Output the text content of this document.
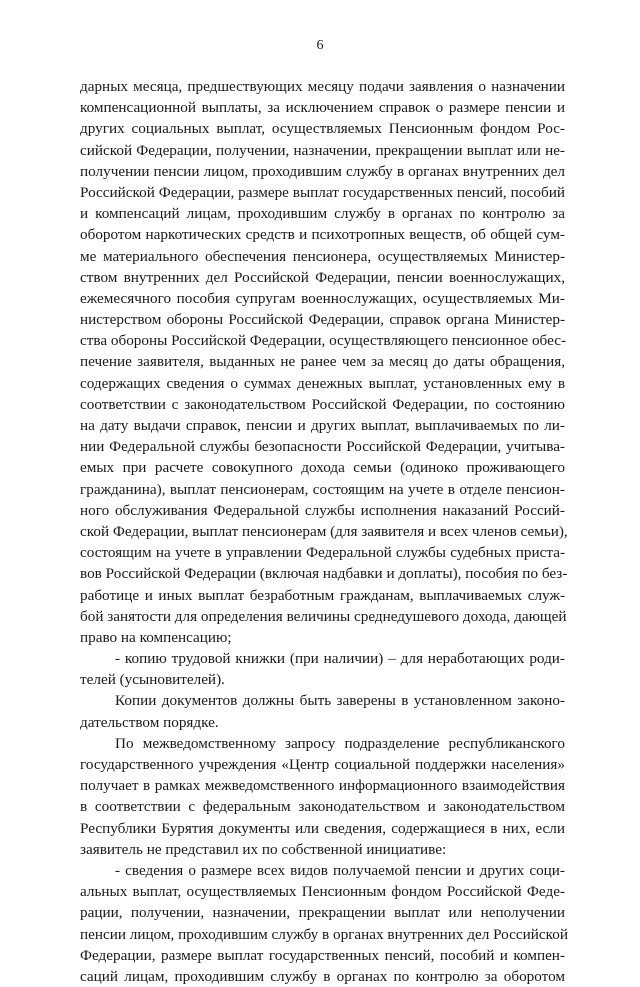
6
дарных месяца, предшествующих месяцу подачи заявления о назначении
компенсационной выплаты, за исключением справок о размере пенсии и
других социальных выплат, осуществляемых Пенсионным фондом Рос-
сийской Федерации, получении, назначении, прекращении выплат или не-
получении пенсии лицом, проходившим службу в органах внутренних дел
Российской Федерации, размере выплат государственных пенсий, пособий
и компенсаций лицам, проходившим службу в органах по контролю за
оборотом наркотических средств и психотропных веществ, об общей сум-
ме материального обеспечения пенсионера, осуществляемых Министер-
ством внутренних дел Российской Федерации, пенсии военнослужащих,
ежемесячного пособия супругам военнослужащих, осуществляемых Ми-
нистерством обороны Российской Федерации, справок органа Министер-
ства обороны Российской Федерации, осуществляющего пенсионное обес-
печение заявителя, выданных не ранее чем за месяц до даты обращения,
содержащих сведения о суммах денежных выплат, установленных ему в
соответствии с законодательством Российской Федерации, по состоянию
на дату выдачи справок, пенсии и других выплат, выплачиваемых по ли-
нии Федеральной службы безопасности Российской Федерации, учитыва-
емых при расчете совокупного дохода семьи (одиноко проживающего
гражданина), выплат пенсионерам, состоящим на учете в отделе пенсион-
ного обслуживания Федеральной службы исполнения наказаний Россий-
ской Федерации, выплат пенсионерам (для заявителя и всех членов семьи),
состоящим на учете в управлении Федеральной службы судебных приста-
вов Российской Федерации (включая надбавки и доплаты), пособия по без-
работице и иных выплат безработным гражданам, выплачиваемых служ-
бой занятости для определения величины среднедушевого дохода, дающей
право на компенсацию;
- копию трудовой книжки (при наличии) – для неработающих роди-
телей (усыновителей).
Копии документов должны быть заверены в установленном законо-
дательством порядке.
По межведомственному запросу подразделение республиканского
государственного учреждения «Центр социальной поддержки населения»
получает в рамках межведомственного информационного взаимодействия
в соответствии с федеральным законодательством и законодательством
Республики Бурятия документы или сведения, содержащиеся в них, если
заявитель не представил их по собственной инициативе:
- сведения о размере всех видов получаемой пенсии и других соци-
альных выплат, осуществляемых Пенсионным фондом Российской Феде-
рации, получении, назначении, прекращении выплат или неполучении
пенсии лицом, проходившим службу в органах внутренних дел Российской
Федерации, размере выплат государственных пенсий, пособий и компен-
саций лицам, проходившим службу в органах по контролю за оборотом
